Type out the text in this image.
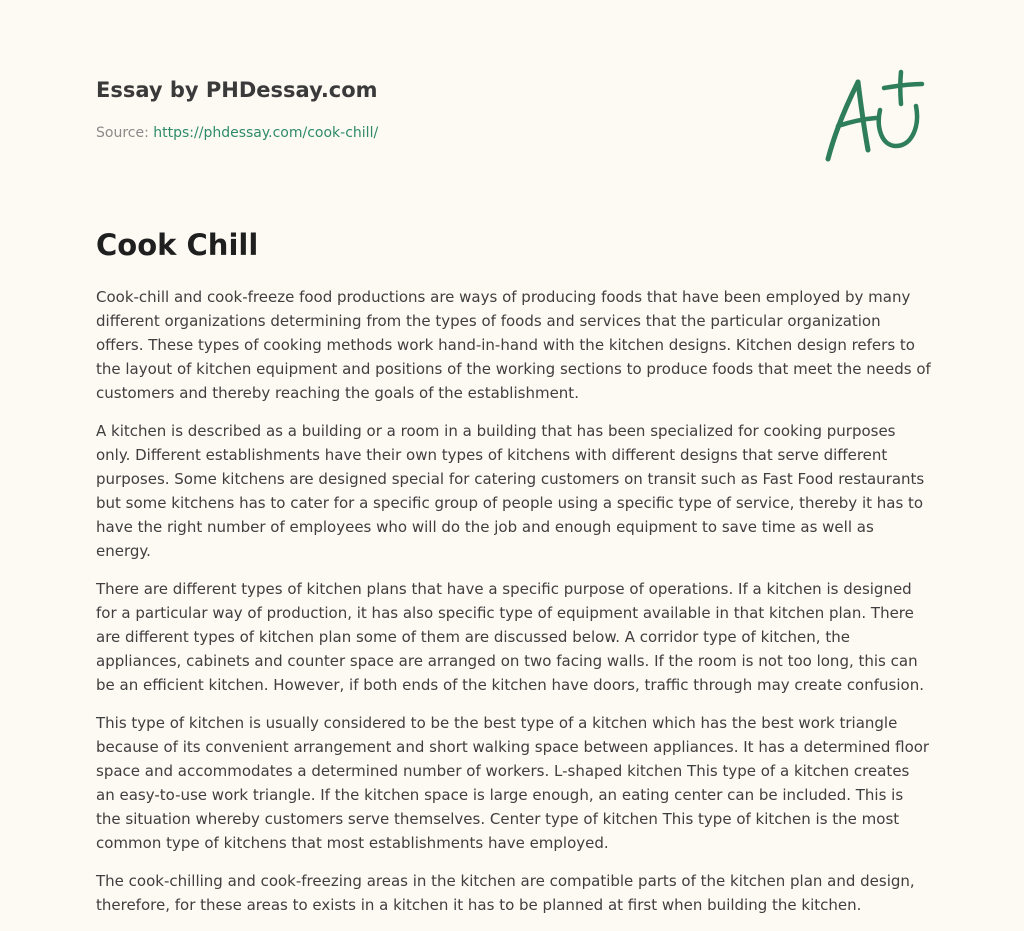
Essay by PHDessay.com
Source: https://phdessay.com/cook-chill/
Cook Chill

Cook-chill and cook-freeze food productions are ways of producing foods that have been employed by many different organizations determining from the types of foods and services that the particular organization offers. These types of cooking methods work hand-in-hand with the kitchen designs. Kitchen design refers to the layout of kitchen equipment and positions of the working sections to produce foods that meet the needs of customers and thereby reaching the goals of the establishment.

A kitchen is described as a building or a room in a building that has been specialized for cooking purposes only. Different establishments have their own types of kitchens with different designs that serve different purposes. Some kitchens are designed special for catering customers on transit such as Fast Food restaurants but some kitchens has to cater for a specific group of people using a specific type of service, thereby it has to have the right number of employees who will do the job and enough equipment to save time as well as energy.

There are different types of kitchen plans that have a specific purpose of operations. If a kitchen is designed for a particular way of production, it has also specific type of equipment available in that kitchen plan. There are different types of kitchen plan some of them are discussed below. A corridor type of kitchen, the appliances, cabinets and counter space are arranged on two facing walls. If the room is not too long, this can be an efficient kitchen. However, if both ends of the kitchen have doors, traffic through may create confusion.

This type of kitchen is usually considered to be the best type of a kitchen which has the best work triangle because of its convenient arrangement and short walking space between appliances. It has a determined floor space and accommodates a determined number of workers. L-shaped kitchen This type of a kitchen creates an easy-to-use work triangle. If the kitchen space is large enough, an eating center can be included. This is the situation whereby customers serve themselves. Center type of kitchen This type of kitchen is the most common type of kitchens that most establishments have employed.

The cook-chilling and cook-freezing areas in the kitchen are compatible parts of the kitchen plan and design, therefore, for these areas to exists in a kitchen it has to be planned at first when building the kitchen.
